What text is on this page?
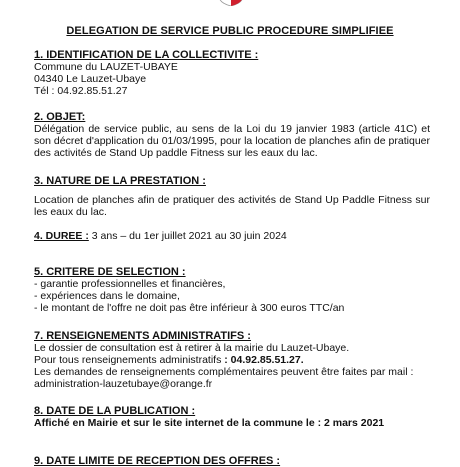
DELEGATION DE SERVICE PUBLIC PROCEDURE SIMPLIFIEE

1. IDENTIFICATION DE LA COLLECTIVITE :

Commune du LAUZET-UBAYE

04340 Le Lauzet-Ubaye

Tél : 04.92.85.51.27

2. OBJET:

Délégation de service public, au sens de la Loi du 19 janvier 1983 (article 41C) et son décret d'application du 01/03/1995, pour la location de planches afin de pratiquer des activités de Stand Up paddle Fitness sur les eaux du lac.

3. NATURE DE LA PRESTATION :

Location de planches afin de pratiquer des activités de Stand Up Paddle Fitness sur les eaux du lac.

4. DUREE : 3 ans – du 1er juillet 2021 au 30 juin 2024

5. CRITERE DE SELECTION :

- garantie professionnelles et financières,

- expériences dans le domaine,

- le montant de l'offre ne doit pas être inférieur à 300 euros TTC/an

7. RENSEIGNEMENTS ADMINISTRATIFS :

Le dossier de consultation est à retirer à la mairie du Lauzet-Ubaye.

Pour tous renseignements administratifs : 04.92.85.51.27.

Les demandes de renseignements complémentaires peuvent être faites par mail :

administration-lauzetubaye@orange.fr

8. DATE DE LA PUBLICATION :

Affiché en Mairie et sur le site internet de la commune le : 2 mars 2021

9. DATE LIMITE DE RECEPTION DES OFFRES :
